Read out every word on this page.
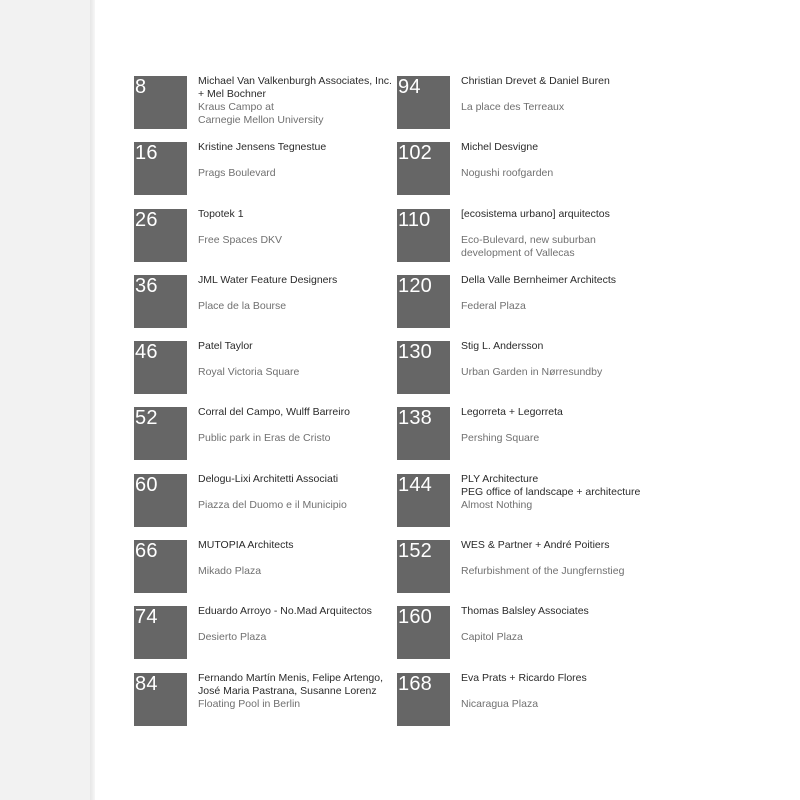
8	Michael Van Valkenburgh Associates, Inc.
+ Mel Bochner
Kraus Campo at
Carnegie Mellon University
16	Kristine Jensens Tegnestue
Prags Boulevard
26	Topotek 1
Free Spaces DKV
36	JML Water Feature Designers
Place de la Bourse
46	Patel Taylor
Royal Victoria Square
52	Corral del Campo, Wulff Barreiro
Public park in Eras de Cristo
60	Delogu-Lixi Architetti Associati
Piazza del Duomo e il Municipio
66	MUTOPIA Architects
Mikado Plaza
74	Eduardo Arroyo - No.Mad Arquitectos
Desierto Plaza
84	Fernando Martín Menis, Felipe Artengo,
José Maria Pastrana, Susanne Lorenz
Floating Pool in Berlin
94	Christian Drevet & Daniel Buren
La place des Terreaux
102	Michel Desvigne
Nogushi roofgarden
110	[ecosistema urbano] arquitectos
Eco-Bulevard, new suburban
development of Vallecas
120	Della Valle Bernheimer Architects
Federal Plaza
130	Stig L. Andersson
Urban Garden in Nørresundby
138	Legorreta + Legorreta
Pershing Square
144	PLY Architecture
PEG office of landscape + architecture
Almost Nothing
152	WES & Partner + André Poitiers
Refurbishment of the Jungfernstieg
160	Thomas Balsley Associates
Capitol Plaza
168	Eva Prats + Ricardo Flores
Nicaragua Plaza
